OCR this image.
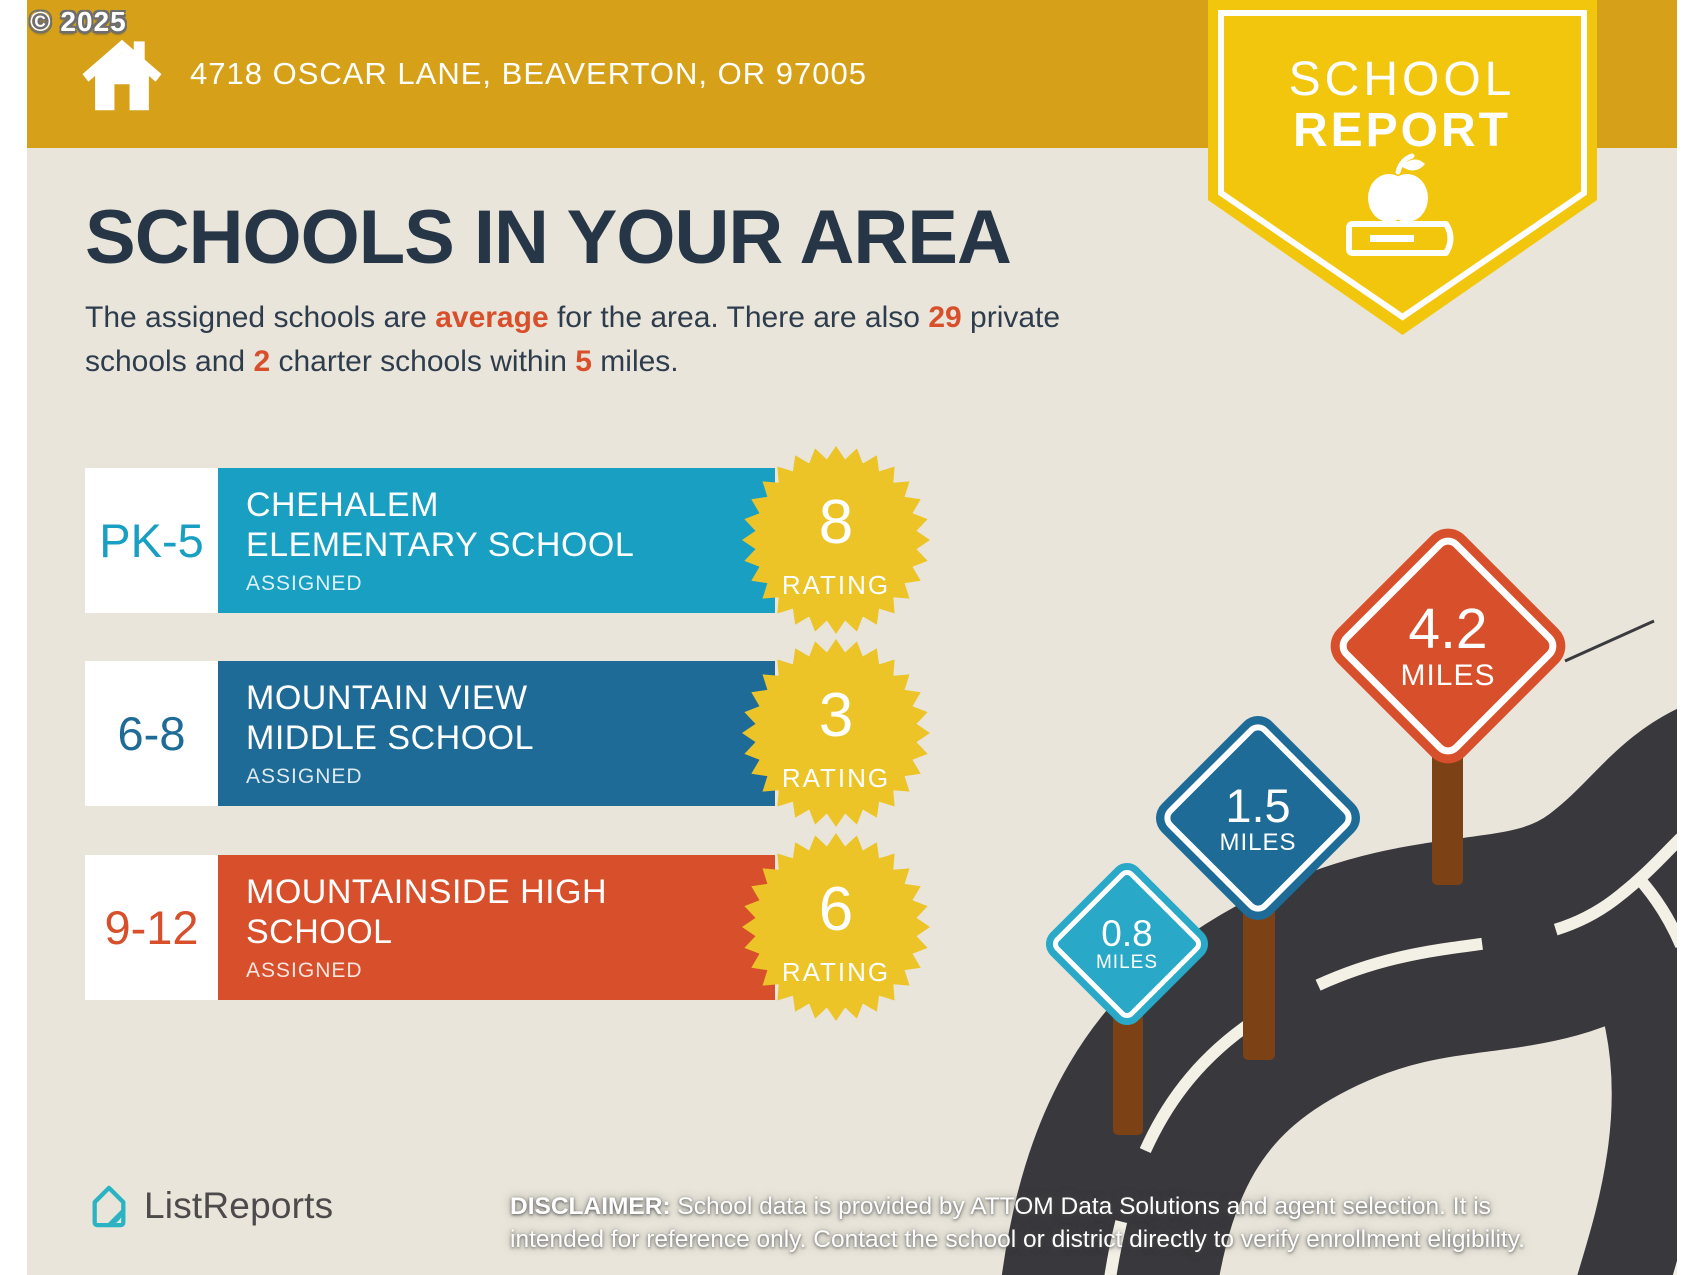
4718 OSCAR LANE, BEAVERTON, OR 97005	SCHOOL
REPORT
SCHOOLS IN YOUR AREA
The assigned schools are average for the area. There are also 29 private schools and 2 charter schools within 5 miles.
0.8
MILES
1.5
MILES
4.2
MILES
PK-5
CHEHALEM
ELEMENTARY SCHOOL
ASSIGNED
8
RATING
6-8
MOUNTAIN VIEW
MIDDLE SCHOOL
ASSIGNED
3
RATING
9-12
MOUNTAINSIDE HIGH
SCHOOL
ASSIGNED
6
RATING
ListReports	DISCLAIMER: School data is provided by ATTOM Data Solutions and agent selection. It is intended for reference only. Contact the school or district directly to verify enrollment eligibility.
© 2025
